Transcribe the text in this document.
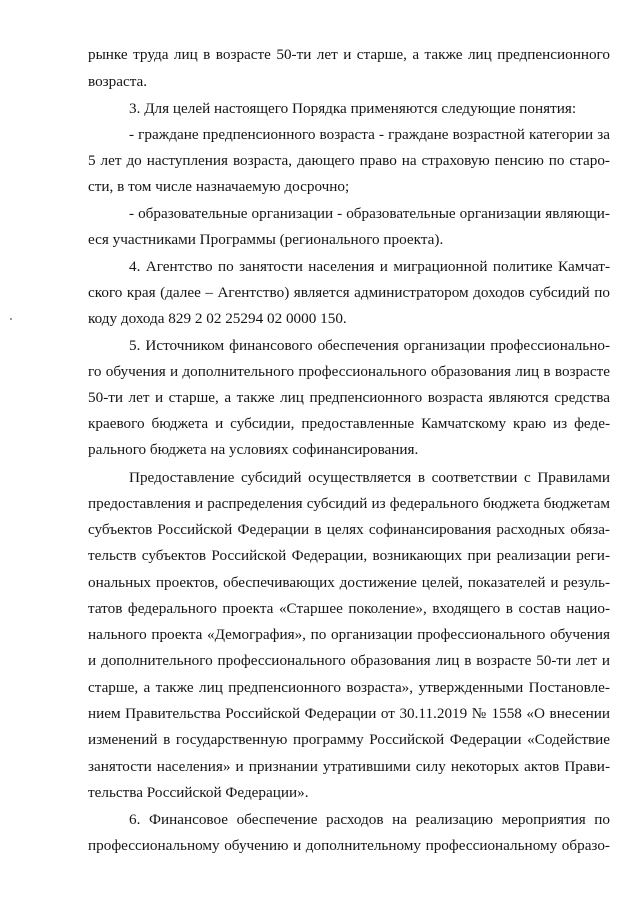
рынке труда лиц в возрасте 50-ти лет и старше, а также лиц предпенсионного
возраста.
3. Для целей настоящего Порядка применяются следующие понятия:
- граждане предпенсионного возраста - граждане возрастной категории за
5 лет до наступления возраста, дающего право на страховую пенсию по старо-
сти, в том числе назначаемую досрочно;
- образовательные организации - образовательные организации являющи-
еся участниками Программы (регионального проекта).
4. Агентство по занятости населения и миграционной политике Камчат-
ского края (далее – Агентство) является администратором доходов субсидий по
коду дохода 829 2 02 25294 02 0000 150.
5. Источником финансового обеспечения организации профессионально-
го обучения и дополнительного профессионального образования лиц в возрасте
50-ти лет и старше, а также лиц предпенсионного возраста являются средства
краевого бюджета и субсидии, предоставленные Камчатскому краю из феде-
рального бюджета на условиях софинансирования.
Предоставление субсидий осуществляется в соответствии с Правилами
предоставления и распределения субсидий из федерального бюджета бюджетам
субъектов Российской Федерации в целях софинансирования расходных обяза-
тельств субъектов Российской Федерации, возникающих при реализации реги-
ональных проектов, обеспечивающих достижение целей, показателей и резуль-
татов федерального проекта «Старшее поколение», входящего в состав нацио-
нального проекта «Демография», по организации профессионального обучения
и дополнительного профессионального образования лиц в возрасте 50-ти лет и
старше, а также лиц предпенсионного возраста», утвержденными Постановле-
нием Правительства Российской Федерации от 30.11.2019 № 1558 «О внесении
изменений в государственную программу Российской Федерации «Содействие
занятости населения» и признании утратившими силу некоторых актов Прави-
тельства Российской Федерации».
6. Финансовое обеспечение расходов на реализацию мероприятия по
профессиональному обучению и дополнительному профессиональному образо-
